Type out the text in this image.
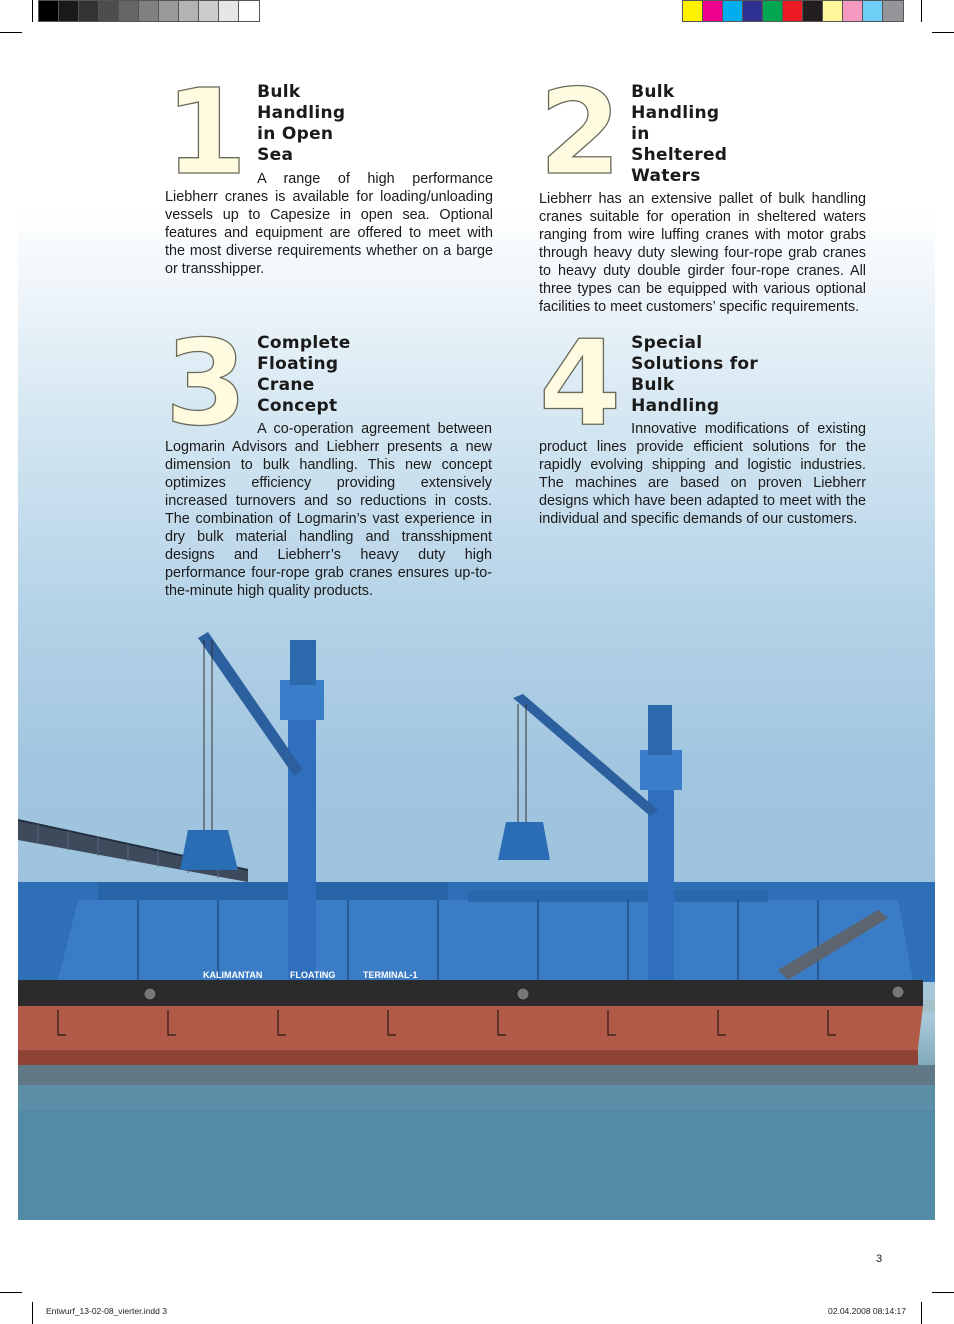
KALIMANTAN	FLOATING	TERMINAL-1
1 Bulk Handling in Open Sea

A range of high performance Liebherr cranes is available for loading/unloading vessels up to Capesize in open sea. Optional features and equipment are offered to meet with the most diverse requirements whether on a barge or transshipper.

2 Bulk Handling in Sheltered Waters

Liebherr has an extensive pallet of bulk handling cranes suitable for operation in sheltered waters ranging from wire luffing cranes with motor grabs through heavy duty slewing four-rope grab cranes to heavy duty double girder four-rope cranes. All three types can be equipped with various optional facilities to meet customers’ specific requirements.

3 Complete Floating Crane Concept

A co-operation agreement between Logmarin Advisors and Liebherr presents a new dimension to bulk handling. This new concept optimizes efficiency providing extensively increased turnovers and so reductions in costs. The combination of Logmarin’s vast experience in dry bulk material handling and transshipment designs and Liebherr’s heavy duty high performance four-rope grab cranes ensures up-to-the-minute high quality products.

4 Special Solutions for Bulk Handling

Innovative modifications of existing product lines provide efficient solutions for the rapidly evolving shipping and logistic industries. The machines are based on proven Liebherr designs which have been adapted to meet with the individual and specific demands of our customers.

3
Entwurf_13-02-08_vierter.indd 3	02.04.2008 08:14:17
